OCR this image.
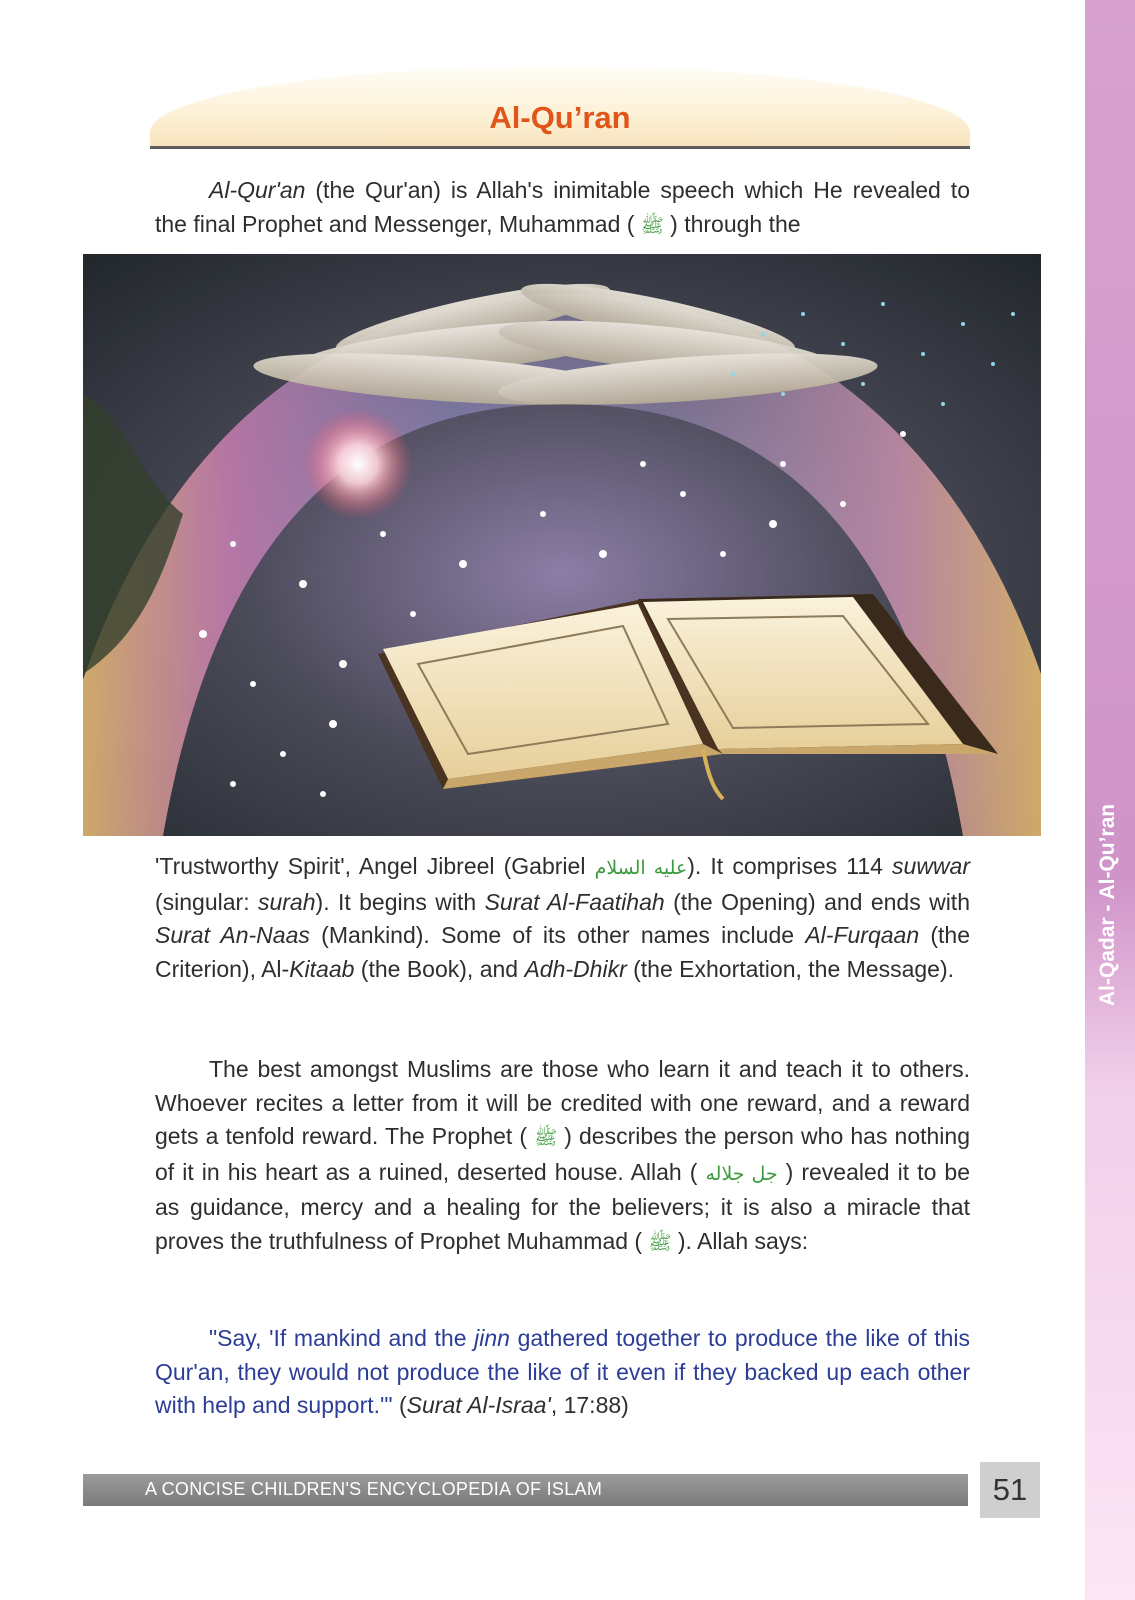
Al-Qadar - Al-Qu’ran
Al-Qu’ran

Al-Qur'an (the Qur'an) is Allah's inimitable speech which He revealed to the final Prophet and Messenger, Muhammad ( ﷺ ) through the

'Trustworthy Spirit', Angel Jibreel (Gabriel عليه السلام). It comprises 114 suwwar (singular: surah). It begins with Surat Al-Faatihah (the Opening) and ends with Surat An-Naas (Mankind). Some of its other names include Al-Furqaan (the Criterion), Al-Kitaab (the Book), and Adh-Dhikr (the Exhortation, the Message).

The best amongst Muslims are those who learn it and teach it to others. Whoever recites a letter from it will be credited with one reward, and a reward gets a tenfold reward. The Prophet ( ﷺ ) describes the person who has nothing of it in his heart as a ruined, deserted house. Allah ( جل جلاله ) revealed it to be as guidance, mercy and a healing for the believers; it is also a miracle that proves the truthfulness of Prophet Muhammad ( ﷺ ). Allah says:

"Say, 'If mankind and the jinn gathered together to produce the like of this Qur'an, they would not produce the like of it even if they backed up each other with help and support.'" (Surat Al-Israa', 17:88)

A CONCISE CHILDREN'S ENCYCLOPEDIA OF ISLAM	51
